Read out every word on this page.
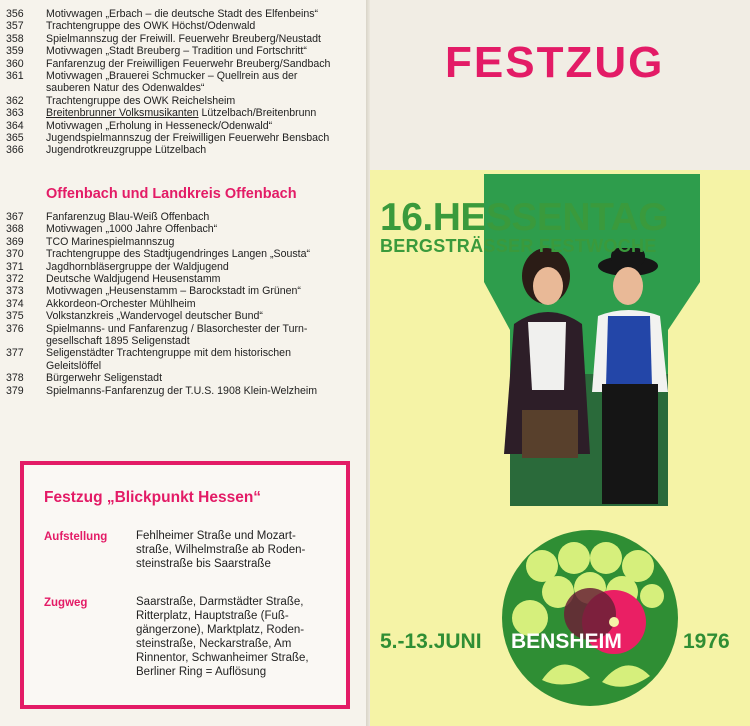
356	Motivwagen „Erbach – die deutsche Stadt des Elfenbeins“
357	Trachtengruppe des OWK Höchst/Odenwald
358	Spielmannszug der Freiwill. Feuerwehr Breuberg/Neustadt
359	Motivwagen „Stadt Breuberg – Tradition und Fortschritt“
360	Fanfarenzug der Freiwilligen Feuerwehr Breuberg/Sandbach
361	Motivwagen „Brauerei Schmucker – Quellrein aus der
sauberen Natur des Odenwaldes“
362	Trachtengruppe des OWK Reichelsheim
363	Breitenbrunner Volksmusikanten Lützelbach/Breitenbrunn
364	Motivwagen „Erholung in Hesseneck/Odenwald“
365	Jugendspielmannszug der Freiwilligen Feuerwehr Bensbach
366	Jugendrotkreuzgruppe Lützelbach
Offenbach und Landkreis Offenbach
367	Fanfarenzug Blau-Weiß Offenbach
368	Motivwagen „1000 Jahre Offenbach“
369	TCO Marinespielmannszug
370	Trachtengruppe des Stadtjugendringes Langen „Sousta“
371	Jagdhornbläsergruppe der Waldjugend
372	Deutsche Waldjugend Heusenstamm
373	Motivwagen „Heusenstamm – Barockstadt im Grünen“
374	Akkordeon-Orchester Mühlheim
375	Volkstanzkreis „Wandervogel deutscher Bund“
376	Spielmanns- und Fanfarenzug / Blasorchester der Turn-
gesellschaft 1895 Seligenstadt
377	Seligenstädter Trachtengruppe mit dem historischen
Geleitslöffel
378	Bürgerwehr Seligenstadt
379	Spielmanns-Fanfarenzug der T.U.S. 1908 Klein-Welzheim
Festzug „Blickpunkt Hessen“
Aufstellung	Fehlheimer Straße und Mozart-
straße, Wilhelmstraße ab Roden-
steinstraße bis Saarstraße
Zugweg	Saarstraße, Darmstädter Straße,
Ritterplatz, Hauptstraße (Fuß-
gängerzone), Marktplatz, Roden-
steinstraße, Neckarstraße, Am
Rinnentor, Schwanheimer Straße,
Berliner Ring = Auflösung
FESTZUG
16.HESSENTAG
BERGSTRÄSSER FESTWOCHE
5.-13.JUNI BENSHEIM	1976
